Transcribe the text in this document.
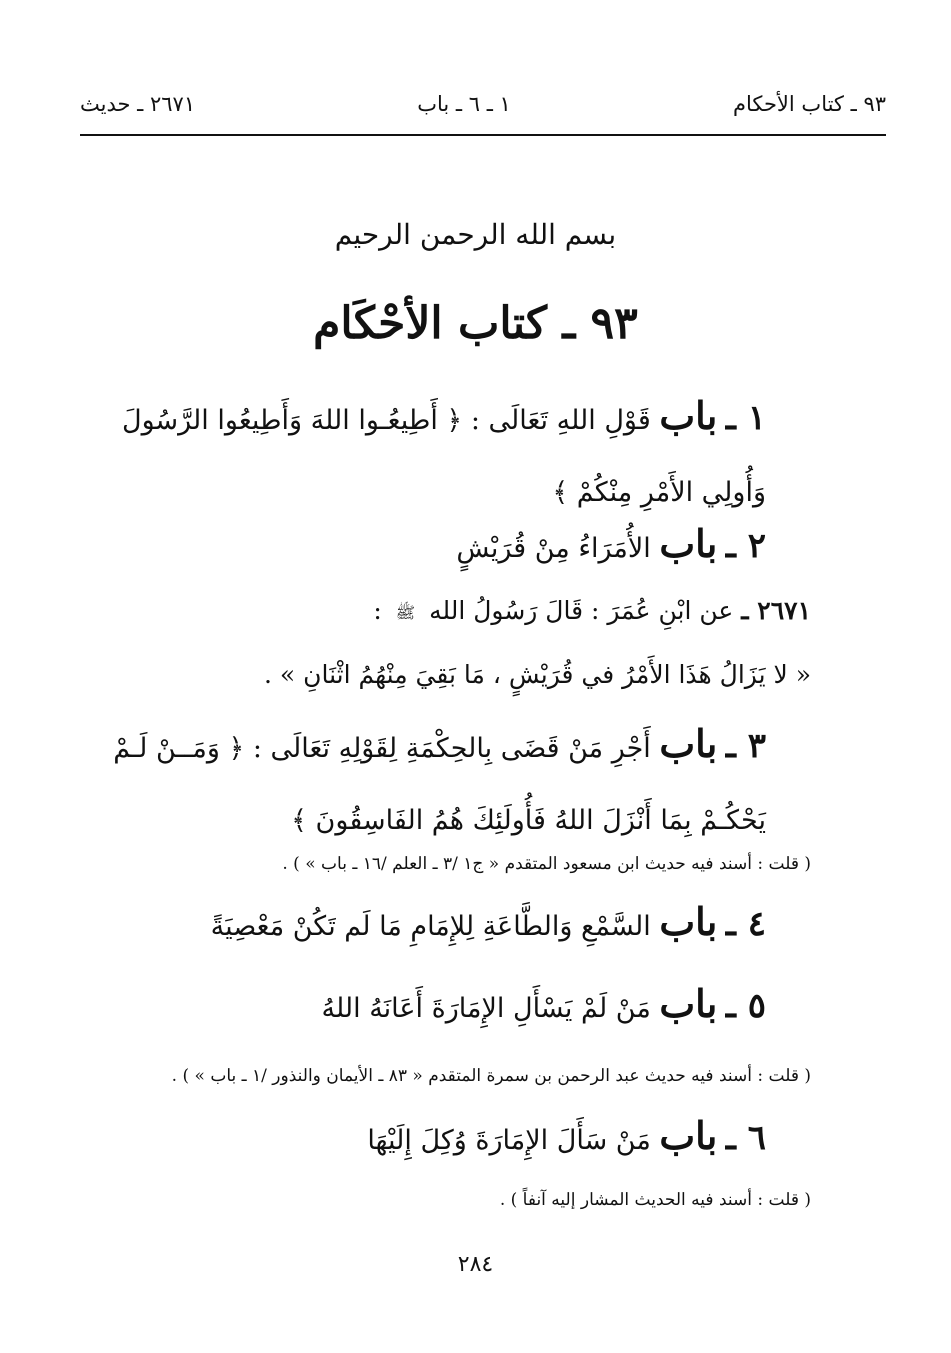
٩٣ ـ كتاب الأحكام
١ ـ ٦ ـ باب
٢٦٧١ ـ حديث
بسم الله الرحمن الرحيم
٩٣ ـ كتاب الأحْكَام
١ ـ باب قَوْلِ اللهِ تَعَالَى : ﴿ أَطِيعُـوا اللهَ وَأَطِيعُوا الرَّسُولَ وَأُولِي الأَمْرِ مِنْكُمْ ﴾
٢ ـ باب الأُمَرَاءُ مِنْ قُرَيْشٍ
٢٦٧١ ـ عن ابْنِ عُمَرَ : قَالَ رَسُولُ الله ﷺ :
« لا يَزَالُ هَذَا الأَمْرُ في قُرَيْشٍ ، مَا بَقِيَ مِنْهُمُ اثْنَانِ » .
٣ ـ باب أَجْرِ مَنْ قَضَى بِالحِكْمَةِ لِقَوْلِهِ تَعَالَى : ﴿ وَمَــنْ لَـمْ يَحْكُـمْ بِمَا أَنْزَلَ اللهُ فَأُولَئِكَ هُمُ الفَاسِقُونَ ﴾
( قلت : أسند فيه حديث ابن مسعود المتقدم « ج١ /٣ ـ العلم /١٦ ـ باب » ) .
٤ ـ باب السَّمْعِ وَالطَّاعَةِ لِلإِمَامِ مَا لَم تَكُنْ مَعْصِيَةً
٥ ـ باب مَنْ لَمْ يَسْأَلِ الإِمَارَةَ أَعَانَهُ اللهُ
( قلت : أسند فيه حديث عبد الرحمن بن سمرة المتقدم « ٨٣ ـ الأيمان والنذور /١ ـ باب » ) .
٦ ـ باب مَنْ سَأَلَ الإِمَارَةَ وُكِلَ إِلَيْهَا
( قلت : أسند فيه الحديث المشار إليه آنفاً ) .
٢٨٤
